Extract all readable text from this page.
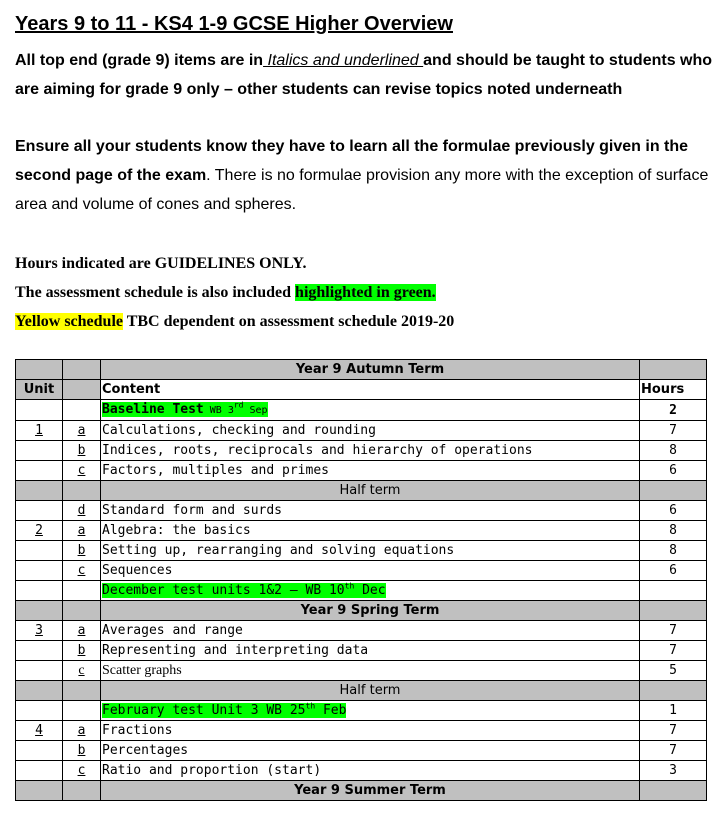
Years 9 to 11 - KS4 1-9 GCSE Higher Overview

All top end (grade 9) items are in Italics and underlined and should be taught to students who are aiming for grade 9 only – other students can revise topics noted underneath

Ensure all your students know they have to learn all the formulae previously given in the
second page of the exam. There is no formulae provision any more with the exception of surface
area and volume of cones and spheres.

Hours indicated are GUIDELINES ONLY.

The assessment schedule is also included highlighted in green.

Yellow schedule TBC dependent on assessment schedule 2019-20

		Year 9 Autumn Term	
Unit		Content	Hours
		Baseline Test WB 3rd Sep	2
1	a	Calculations, checking and rounding	7
	b	Indices, roots, reciprocals and hierarchy of operations	8
	c	Factors, multiples and primes	6
		Half term	
	d	Standard form and surds	6
2	a	Algebra: the basics	8
	b	Setting up, rearranging and solving equations	8
	c	Sequences	6
		December test units 1&2 – WB 10th Dec	
		Year 9 Spring Term	
3	a	Averages and range	7
	b	Representing and interpreting data	7
	c	Scatter graphs	5
		Half term	
		February test Unit 3 WB 25th Feb	1
4	a	Fractions	7
	b	Percentages	7
	c	Ratio and proportion (start)	3
		Year 9 Summer Term	
